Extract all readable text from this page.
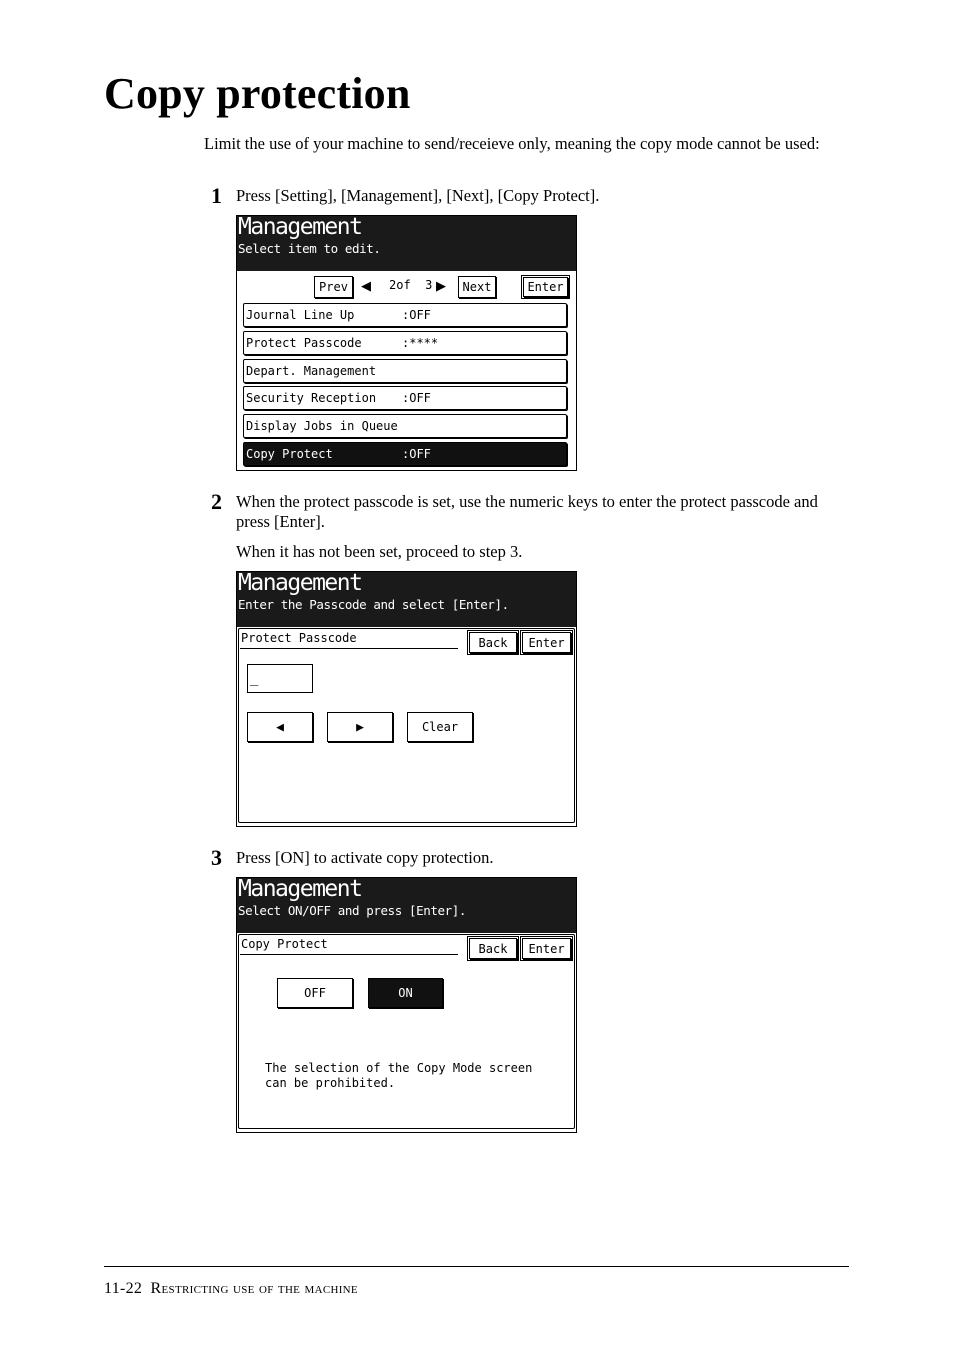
Copy protection
Limit the use of your machine to send/receieve only, meaning the copy mode cannot be used:
1 Press [Setting], [Management], [Next], [Copy Protect].
Management
Select item to edit.
Prev	◀ 2of  3 ▶	Next	Enter
Journal Line Up	:OFF
Protect Passcode	:****
Depart. Management
Security Reception :OFF
Display Jobs in Queue
Copy Protect	:OFF
2 When the protect passcode is set, use the numeric keys to enter the protect passcode and press [Enter].
When it has not been set, proceed to step 3.
Management
Enter the Passcode and select [Enter].
Protect Passcode	Back	Enter
_
◀	▶	Clear
3 Press [ON] to activate copy protection.
Management
Select ON/OFF and press [Enter].
Copy Protect	Back	Enter
OFF	ON
The selection of the Copy Mode screen
can be prohibited.
11-22 Restricting use of the machine
